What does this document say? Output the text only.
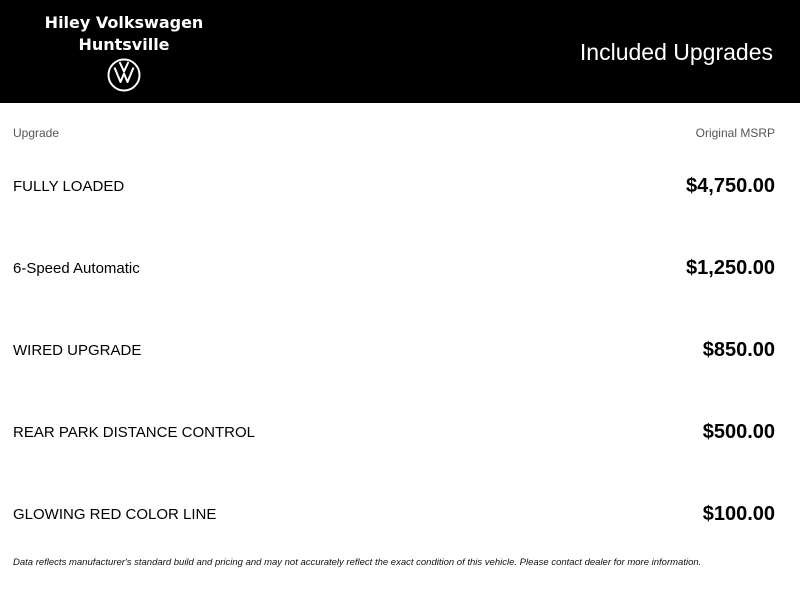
Hiley Volkswagen
Huntsville	Included Upgrades
Upgrade	Original MSRP
FULLY LOADED	$4,750.00
6-Speed Automatic	$1,250.00
WIRED UPGRADE	$850.00
REAR PARK DISTANCE CONTROL	$500.00
GLOWING RED COLOR LINE	$100.00
Data reflects manufacturer's standard build and pricing and may not accurately reflect the exact condition of this vehicle. Please contact dealer for more information.
